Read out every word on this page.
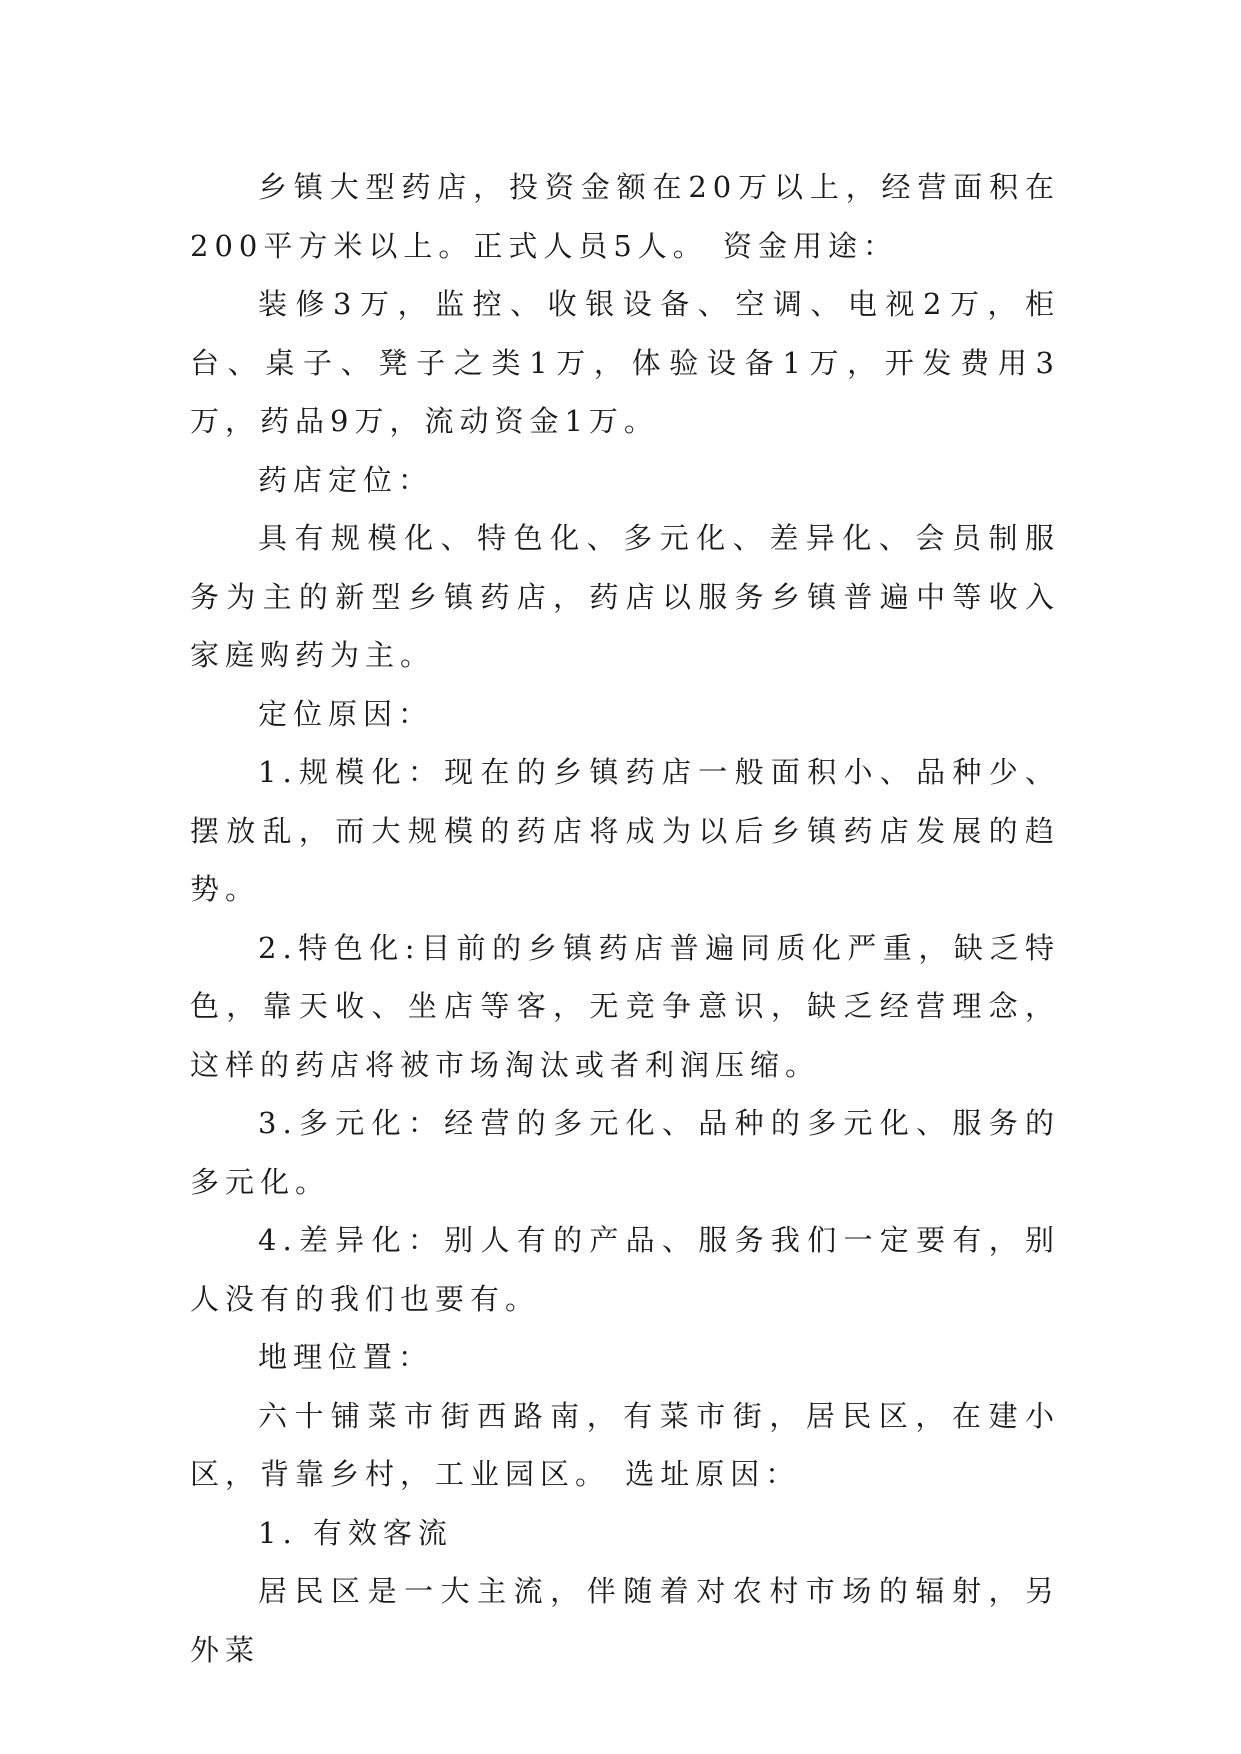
乡镇大型药店，投资金额在20万以上，经营面积在200平方米以上。正式人员5人。 资金用途：

装修3万，监控、收银设备、空调、电视2万，柜台、桌子、凳子之类1万，体验设备1万，开发费用3万，药品9万，流动资金1万。

药店定位：

具有规模化、特色化、多元化、差异化、会员制服务为主的新型乡镇药店，药店以服务乡镇普遍中等收入家庭购药为主。

定位原因：

1.规模化：现在的乡镇药店一般面积小、品种少、摆放乱，而大规模的药店将成为以后乡镇药店发展的趋势。

2.特色化:目前的乡镇药店普遍同质化严重，缺乏特色，靠天收、坐店等客，无竞争意识，缺乏经营理念，这样的药店将被市场淘汰或者利润压缩。

3.多元化：经营的多元化、品种的多元化、服务的多元化。

4.差异化：别人有的产品、服务我们一定要有，别人没有的我们也要有。

地理位置：

六十铺菜市街西路南，有菜市街，居民区，在建小区，背靠乡村，工业园区。 选址原因：

1. 有效客流

居民区是一大主流，伴随着对农村市场的辐射，另外菜
